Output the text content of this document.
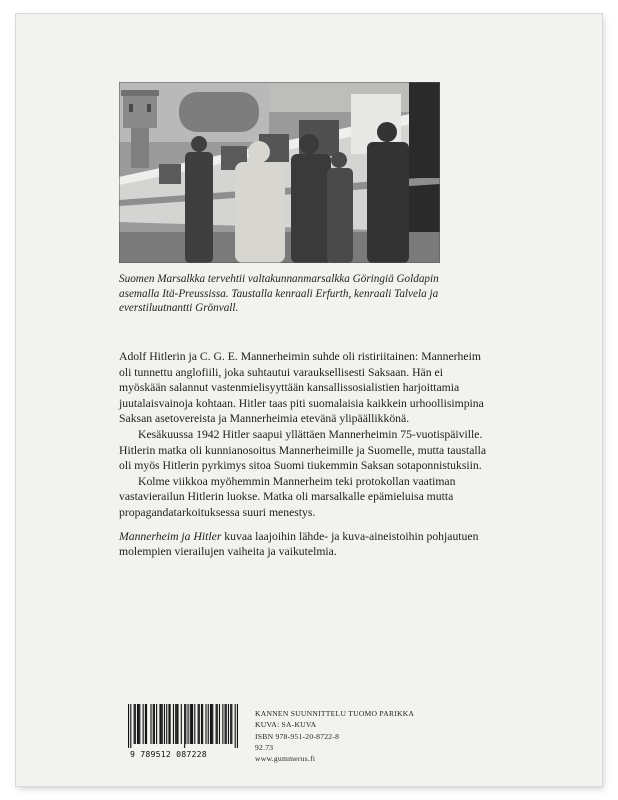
Suomen Marsalkka tervehtii valtakunnanmarsalkka Göringiä Goldapin
asemalla Itä-Preussissa. Taustalla kenraali Erfurth, kenraali Talvela ja
everstiluutnantti Grönvall.
Adolf Hitlerin ja C. G. E. Mannerheimin suhde oli ristiriitainen: Mannerheim
oli tunnettu anglofiili, joka suhtautui varauksellisesti Saksaan. Hän ei
myöskään salannut vastenmielisyyttään kansallissosialistien harjoittamia
juutalaisvainoja kohtaan. Hitler taas piti suomalaisia kaikkein urhoollisimpina
Saksan asetovereista ja Mannerheimia etevänä ylipäällikkönä.
Kesäkuussa 1942 Hitler saapui yllättäen Mannerheimin 75-vuotispäiville.
Hitlerin matka oli kunnianosoitus Mannerheimille ja Suomelle, mutta taustalla
oli myös Hitlerin pyrkimys sitoa Suomi tiukemmin Saksan sotaponnistuksiin.
Kolme viikkoa myöhemmin Mannerheim teki protokollan vaatiman
vastavierailun Hitlerin luokse. Matka oli marsalkalle epämieluisa mutta
propagandatarkoituksessa suuri menestys.
Mannerheim ja Hitler kuvaa laajoihin lähde- ja kuva-aineistoihin pohjautuen
molempien vierailujen vaiheita ja vaikutelmia.
9 789512 087228
KANNEN SUUNNITTELU TUOMO PARIKKA
KUVA: SA-KUVA
ISBN 978-951-20-8722-8
92.73
www.gummerus.fi
